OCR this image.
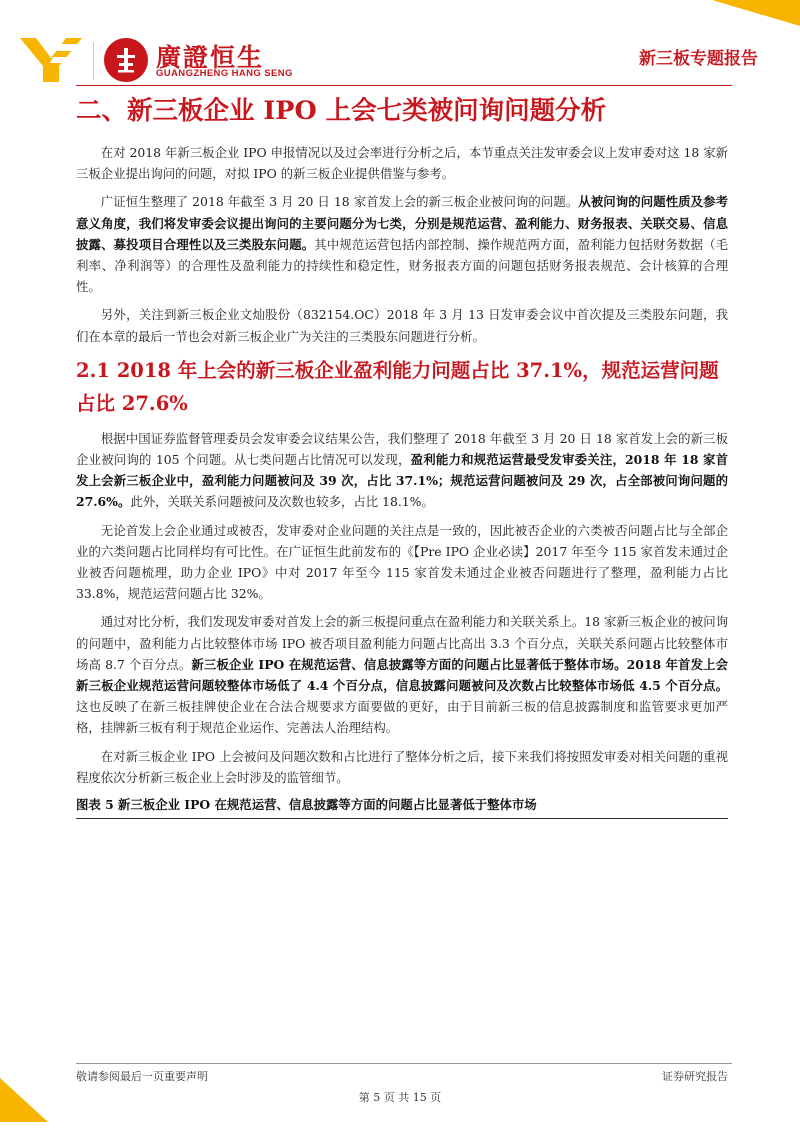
廣證恒生
GUANGZHENG HANG SENG
新三板专题报告
二、新三板企业 IPO 上会七类被问询问题分析

在对 2018 年新三板企业 IPO 申报情况以及过会率进行分析之后，本节重点关注发审委会议上发审委对这 18 家新三板企业提出询问的问题，对拟 IPO 的新三板企业提供借鉴与参考。

广证恒生整理了 2018 年截至 3 月 20 日 18 家首发上会的新三板企业被问询的问题。从被问询的问题性质及参考意义角度，我们将发审委会议提出询问的主要问题分为七类，分别是规范运营、盈利能力、财务报表、关联交易、信息披露、募投项目合理性以及三类股东问题。其中规范运营包括内部控制、操作规范两方面，盈利能力包括财务数据（毛利率、净利润等）的合理性及盈利能力的持续性和稳定性，财务报表方面的问题包括财务报表规范、会计核算的合理性。

另外，关注到新三板企业文灿股份（832154.OC）2018 年 3 月 13 日发审委会议中首次提及三类股东问题，我们在本章的最后一节也会对新三板企业广为关注的三类股东问题进行分析。

2.1 2018 年上会的新三板企业盈利能力问题占比 37.1%，规范运营问题占比 27.6%

根据中国证券监督管理委员会发审委会议结果公告，我们整理了 2018 年截至 3 月 20 日 18 家首发上会的新三板企业被问询的 105 个问题。从七类问题占比情况可以发现，盈利能力和规范运营最受发审委关注，2018 年 18 家首发上会新三板企业中，盈利能力问题被问及 39 次，占比 37.1%；规范运营问题被问及 29 次，占全部被问询问题的 27.6%。此外，关联关系问题被问及次数也较多，占比 18.1%。

无论首发上会企业通过或被否，发审委对企业问题的关注点是一致的，因此被否企业的六类被否问题占比与全部企业的六类问题占比同样均有可比性。在广证恒生此前发布的《【Pre IPO 企业必读】2017 年至今 115 家首发未通过企业被否问题梳理，助力企业 IPO》中对 2017 年至今 115 家首发未通过企业被否问题进行了整理，盈利能力占比 33.8%，规范运营问题占比 32%。

通过对比分析，我们发现发审委对首发上会的新三板提问重点在盈利能力和关联关系上。18 家新三板企业的被问询的问题中，盈利能力占比较整体市场 IPO 被否项目盈利能力问题占比高出 3.3 个百分点，关联关系问题占比较整体市场高 8.7 个百分点。新三板企业 IPO 在规范运营、信息披露等方面的问题占比显著低于整体市场。2018 年首发上会新三板企业规范运营问题较整体市场低了 4.4 个百分点，信息披露问题被问及次数占比较整体市场低 4.5 个百分点。这也反映了在新三板挂牌使企业在合法合规要求方面要做的更好，由于目前新三板的信息披露制度和监管要求更加严格，挂牌新三板有利于规范企业运作、完善法人治理结构。

在对新三板企业 IPO 上会被问及问题次数和占比进行了整体分析之后，接下来我们将按照发审委对相关问题的重视程度依次分析新三板企业上会时涉及的监管细节。

图表 5 新三板企业 IPO 在规范运营、信息披露等方面的问题占比显著低于整体市场
敬请参阅最后一页重要声明	证券研究报告
第 5 页 共 15 页
